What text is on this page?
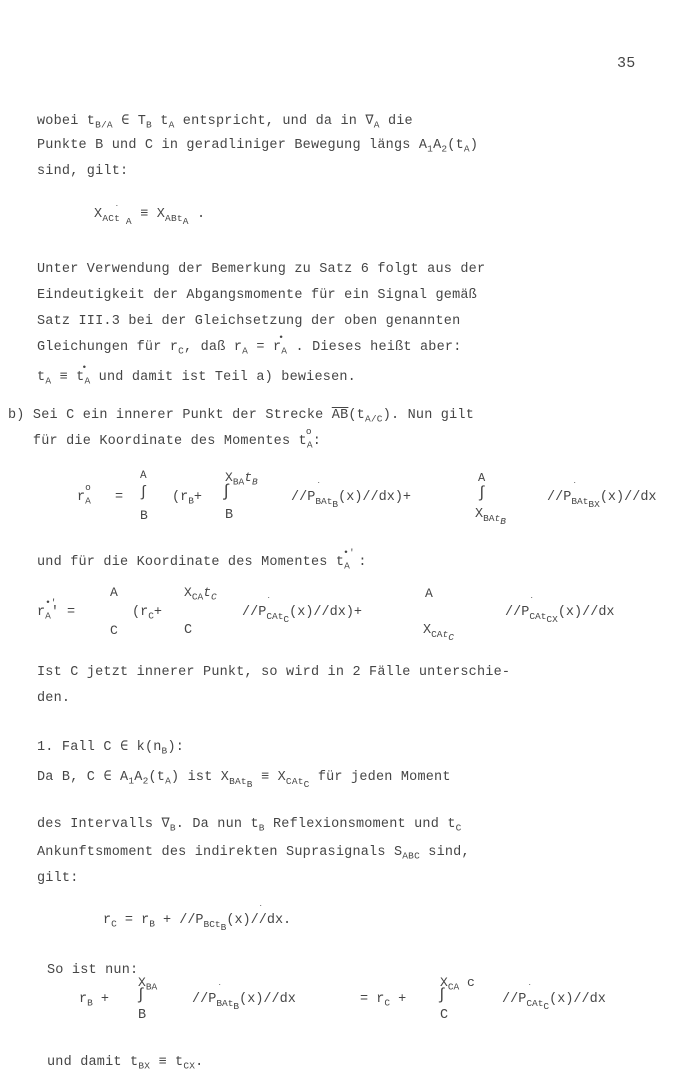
35
wobei $t_{B/A}$ ∈ $T_B$ $t_A$ entspricht, und da in $\nabla_A$ die
Punkte B und C in geradliniger Bewegung längs $A_1A_2(t_A)$
sind, gilt:
$X_{ACt˙_A} \equiv X_{ABt_A}$ .
Unter Verwendung der Bemerkung zu Satz 6 folgt aus der
Eindeutigkeit der Abgangsmomente für ein Signal gemäß
Satz III.3 bei der Gleichsetzung der oben genannten
Gleichungen für $r_C$, daß $r_A = r$
•
$_A$ . Dieses heißt aber:
$t_A \equiv t$
•
$_A$ und damit ist Teil a) bewiesen.
b) Sei C ein innerer Punkt der Strecke $\overline{AB}(t_{A/C})$. Nun gilt
für die Koordinate des Momentes t
o
$_A$:
r
o
$_A$ =
A
∫
B
($r_B+$
$X_{BA}t_B$
∫
B
$//P_{BAt_B}(x)//dx)+$
A
∫
$X_{BAt_B}$
$//P_{BAt_{BX}}(x)//dx$
˙	˙
und für die Koordinate des Momentes t
•'
$_A$ :
r
•'
$_A$' =
A
C
($r_C+$
$X_{CA}t_C$
C
$//P_{CAt_C}(x)//dx)+$
A
$X_{CAt_C}$
$//P_{CAt_{CX}}(x)//dx$
˙	˙
Ist C jetzt innerer Punkt, so wird in 2 Fälle unterschie-
den.
1. Fall C ∈ $k(n_B)$:
Da B, C ∈ $A_1A_2(t_A)$ ist $X_{BAt_B} \equiv X_{CAt_C}$ für jeden Moment
des Intervalls $\nabla_B$. Da nun $t_B$ Reflexionsmoment und $t_C$
Ankunftsmoment des indirekten Suprasignals $S_{ABC}$ sind,
gilt:
$r_C = r_B + //P_{BCt_B}(x)//dx$.
˙
So ist nun:
$r_B$ +
$X_{BA}$
∫
B
$//P_{BAt_B}(x)//dx$	= $r_C$ +
$X_{CA}$ c
∫
C
$//P_{CAt_C}(x)//dx$
˙	˙
und damit $t_{BX} \equiv t_{CX}$.
